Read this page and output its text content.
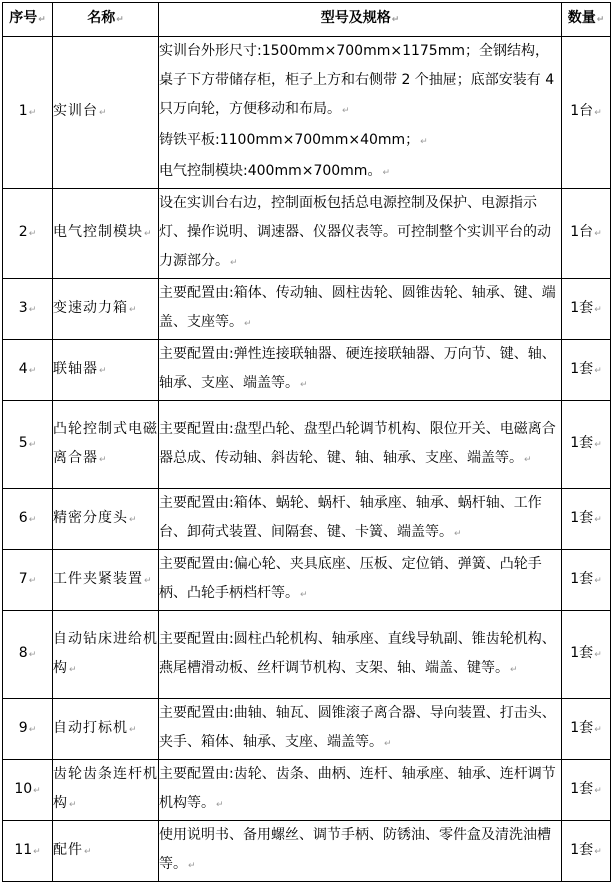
序号↵	名称↵	型号及规格↵	数量↵
1↵	实训台↵	实训台外形尺寸:1500mm×700mm×1175mm；全钢结构，桌子下方带储存柜，柜子上方和右侧带 2 个抽屉；底部安装有 4 只万向轮，方便移动和布局。↵
铸铁平板:1100mm×700mm×40mm；↵
电气控制模块:400mm×700mm。↵	1台↵
2↵	电气控制模块↵	设在实训台右边，控制面板包括总电源控制及保护、电源指示灯、操作说明、调速器、仪器仪表等。可控制整个实训平台的动力源部分。↵	1台↵
3↵	变速动力箱↵	主要配置由:箱体、传动轴、圆柱齿轮、圆锥齿轮、轴承、键、端盖、支座等。↵	1套↵
4↵	联轴器↵	主要配置由:弹性连接联轴器、硬连接联轴器、万向节、键、轴、轴承、支座、端盖等。↵	1套↵
5↵	凸轮控制式电磁离合器↵	主要配置由:盘型凸轮、盘型凸轮调节机构、限位开关、电磁离合器总成、传动轴、斜齿轮、键、轴、轴承、支座、端盖等。↵	1套↵
6↵	精密分度头↵	主要配置由:箱体、蜗轮、蜗杆、轴承座、轴承、蜗杆轴、工作台、卸荷式装置、间隔套、键、卡簧、端盖等。↵	1套↵
7↵	工件夹紧装置↵	主要配置由:偏心轮、夹具底座、压板、定位销、弹簧、凸轮手柄、凸轮手柄档杆等。↵	1套↵
8↵	自动钻床进给机构↵	主要配置由:圆柱凸轮机构、轴承座、直线导轨副、锥齿轮机构、燕尾槽滑动板、丝杆调节机构、支架、轴、端盖、键等。↵	1套↵
9↵	自动打标机↵	主要配置由:曲轴、轴瓦、圆锥滚子离合器、导向装置、打击头、夹手、箱体、轴承、支座、端盖等。↵	1套↵
10↵	齿轮齿条连杆机构↵	主要配置由:齿轮、齿条、曲柄、连杆、轴承座、轴承、连杆调节机构等。↵	1套↵
11↵	配件↵	使用说明书、备用螺丝、调节手柄、防锈油、零件盒及清洗油槽等。↵	1套↵
